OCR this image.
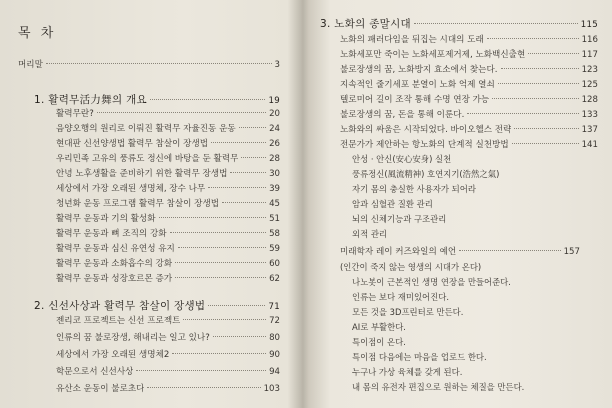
목 차
머리말	3
1. 활력무活力舞의 개요	19
활력무란?	20
음양오행의 원리로 이뤄진 활력무 자율진동 운동	24
현대판 신선양생법 활력무 참살이 장생법	26
우리민족 고유의 풍류도 정신에 바탕을 둔 활력무	28
안녕 노후생활을 준비하기 위한 활력무 장생법	30
세상에서 가장 오래된 생명체, 장수 나무	39
청년화 운동 프로그램 활력무 참살이 장생법	45
활력무 운동과 기의 활성화	51
활력무 운동과 뼈 조직의 강화	58
활력무 운동과 심신 유연성 유지	59
활력무 운동과 소화흡수의 강화	60
활력무 운동과 성장호르몬 증가	62
2. 신선사상과 활력무 참살이 장생법	71
젠리코 프로젝트는 신선 프로젝트	72
인류의 꿈 불로장생, 해내리는 일고 있나?	80
세상에서 가장 오래된 생명체2	90
학문으로서 신선사상	94
유산소 운동이 불로초다	103
3. 노화의 종말시대	115
노화의 패러다임을 뒤집는 시대의 도래	116
노화세포만 죽이는 노화세포제거제, 노화백신출현	117
불로장생의 꿈, 노화방지 효소에서 찾는다.	123
지속적인 줄기세포 분열이 노화 억제 열쇠	125
텔로미어 길이 조작 통해 수명 연장 가능	128
불로장생의 꿈, 돈을 통해 이룬다.	133
노화와의 싸움은 시작되었다. 바이오헬스 전략	137
전문가가 제안하는 항노화의 단계적 실천방법	141
안성 · 안신(安心安身) 실천
풍류정신(風流精神) 호연지기(浩然之氣)
자기 몸의 충실한 사용자가 되어라
암과 심혈관 질환 관리
뇌의 신체기능과 구조관리
외적 관리
미래학자 레이 커즈와일의 예언	157
(인간이 죽지 않는 영생의 시대가 온다)
나노봇이 근본적인 생명 연장을 만들어준다.
인류는 보다 재미있어진다.
모든 것을 3D프린터로 만든다.
AI로 부활한다.
특이점이 온다.
특이점 다음에는 마음을 업로드 한다.
누구나 가상 육체를 갖게 된다.
내 몸의 유전자 편집으로 원하는 체질을 만든다.
